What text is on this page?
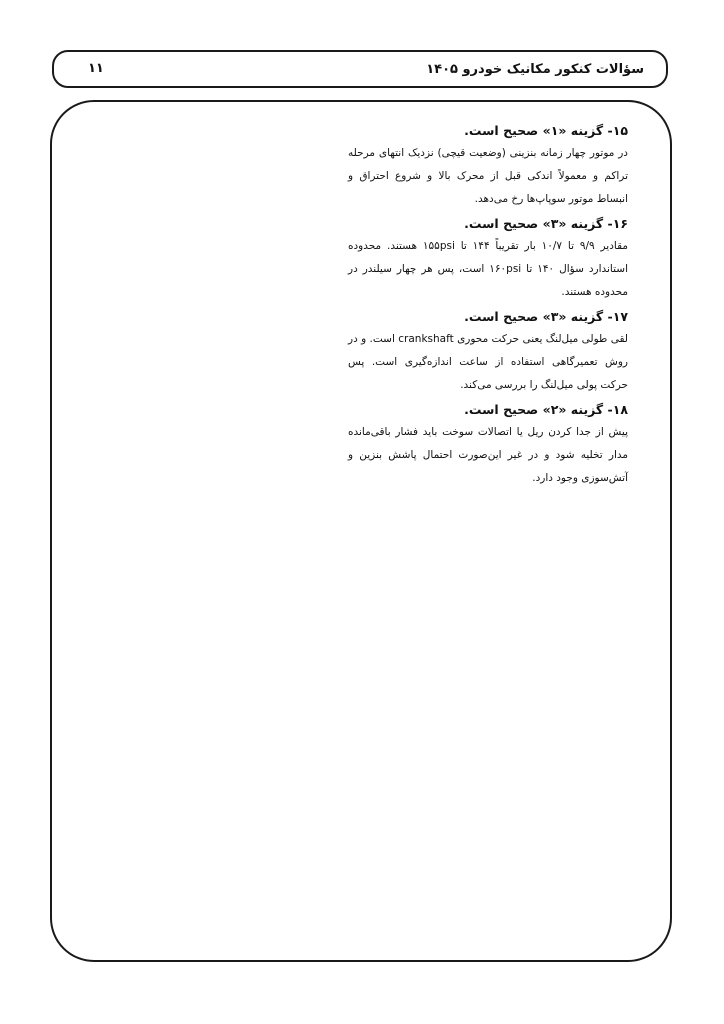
سؤالات کنکور مکانیک خودرو ۱۴۰۵
۱۱
۱۵- گزینه «۱» صحیح است.
در موتور چهار زمانه بنزینی (وضعیت قیچی) نزدیک انتهای مرحله تراکم و معمولاً اندکی قبل از محرک بالا و شروع احتراق و انبساط موتور سوپاپ‌ها رخ می‌دهد.
۱۶- گزینه «۳» صحیح است.
مقادیر ۹/۹ تا ۱۰/۷ بار تقریباً ۱۴۴ تا ۱۵۵psi هستند. محدوده استاندارد سؤال ۱۴۰ تا ۱۶۰psi است، پس هر چهار سیلندر در محدوده هستند.
۱۷- گزینه «۳» صحیح است.
لقی طولی میل‌لنگ یعنی حرکت محوری crankshaft است. و در روش تعمیرگاهی استفاده از ساعت اندازه‌گیری است. پس حرکت پولی میل‌لنگ را بررسی می‌کند.
۱۸- گزینه «۲» صحیح است.
پیش از جدا کردن ریل یا اتصالات سوخت باید فشار باقی‌مانده مدار تخلیه شود و در غیر این‌صورت احتمال پاشش بنزین و آتش‌سوزی وجود دارد.
